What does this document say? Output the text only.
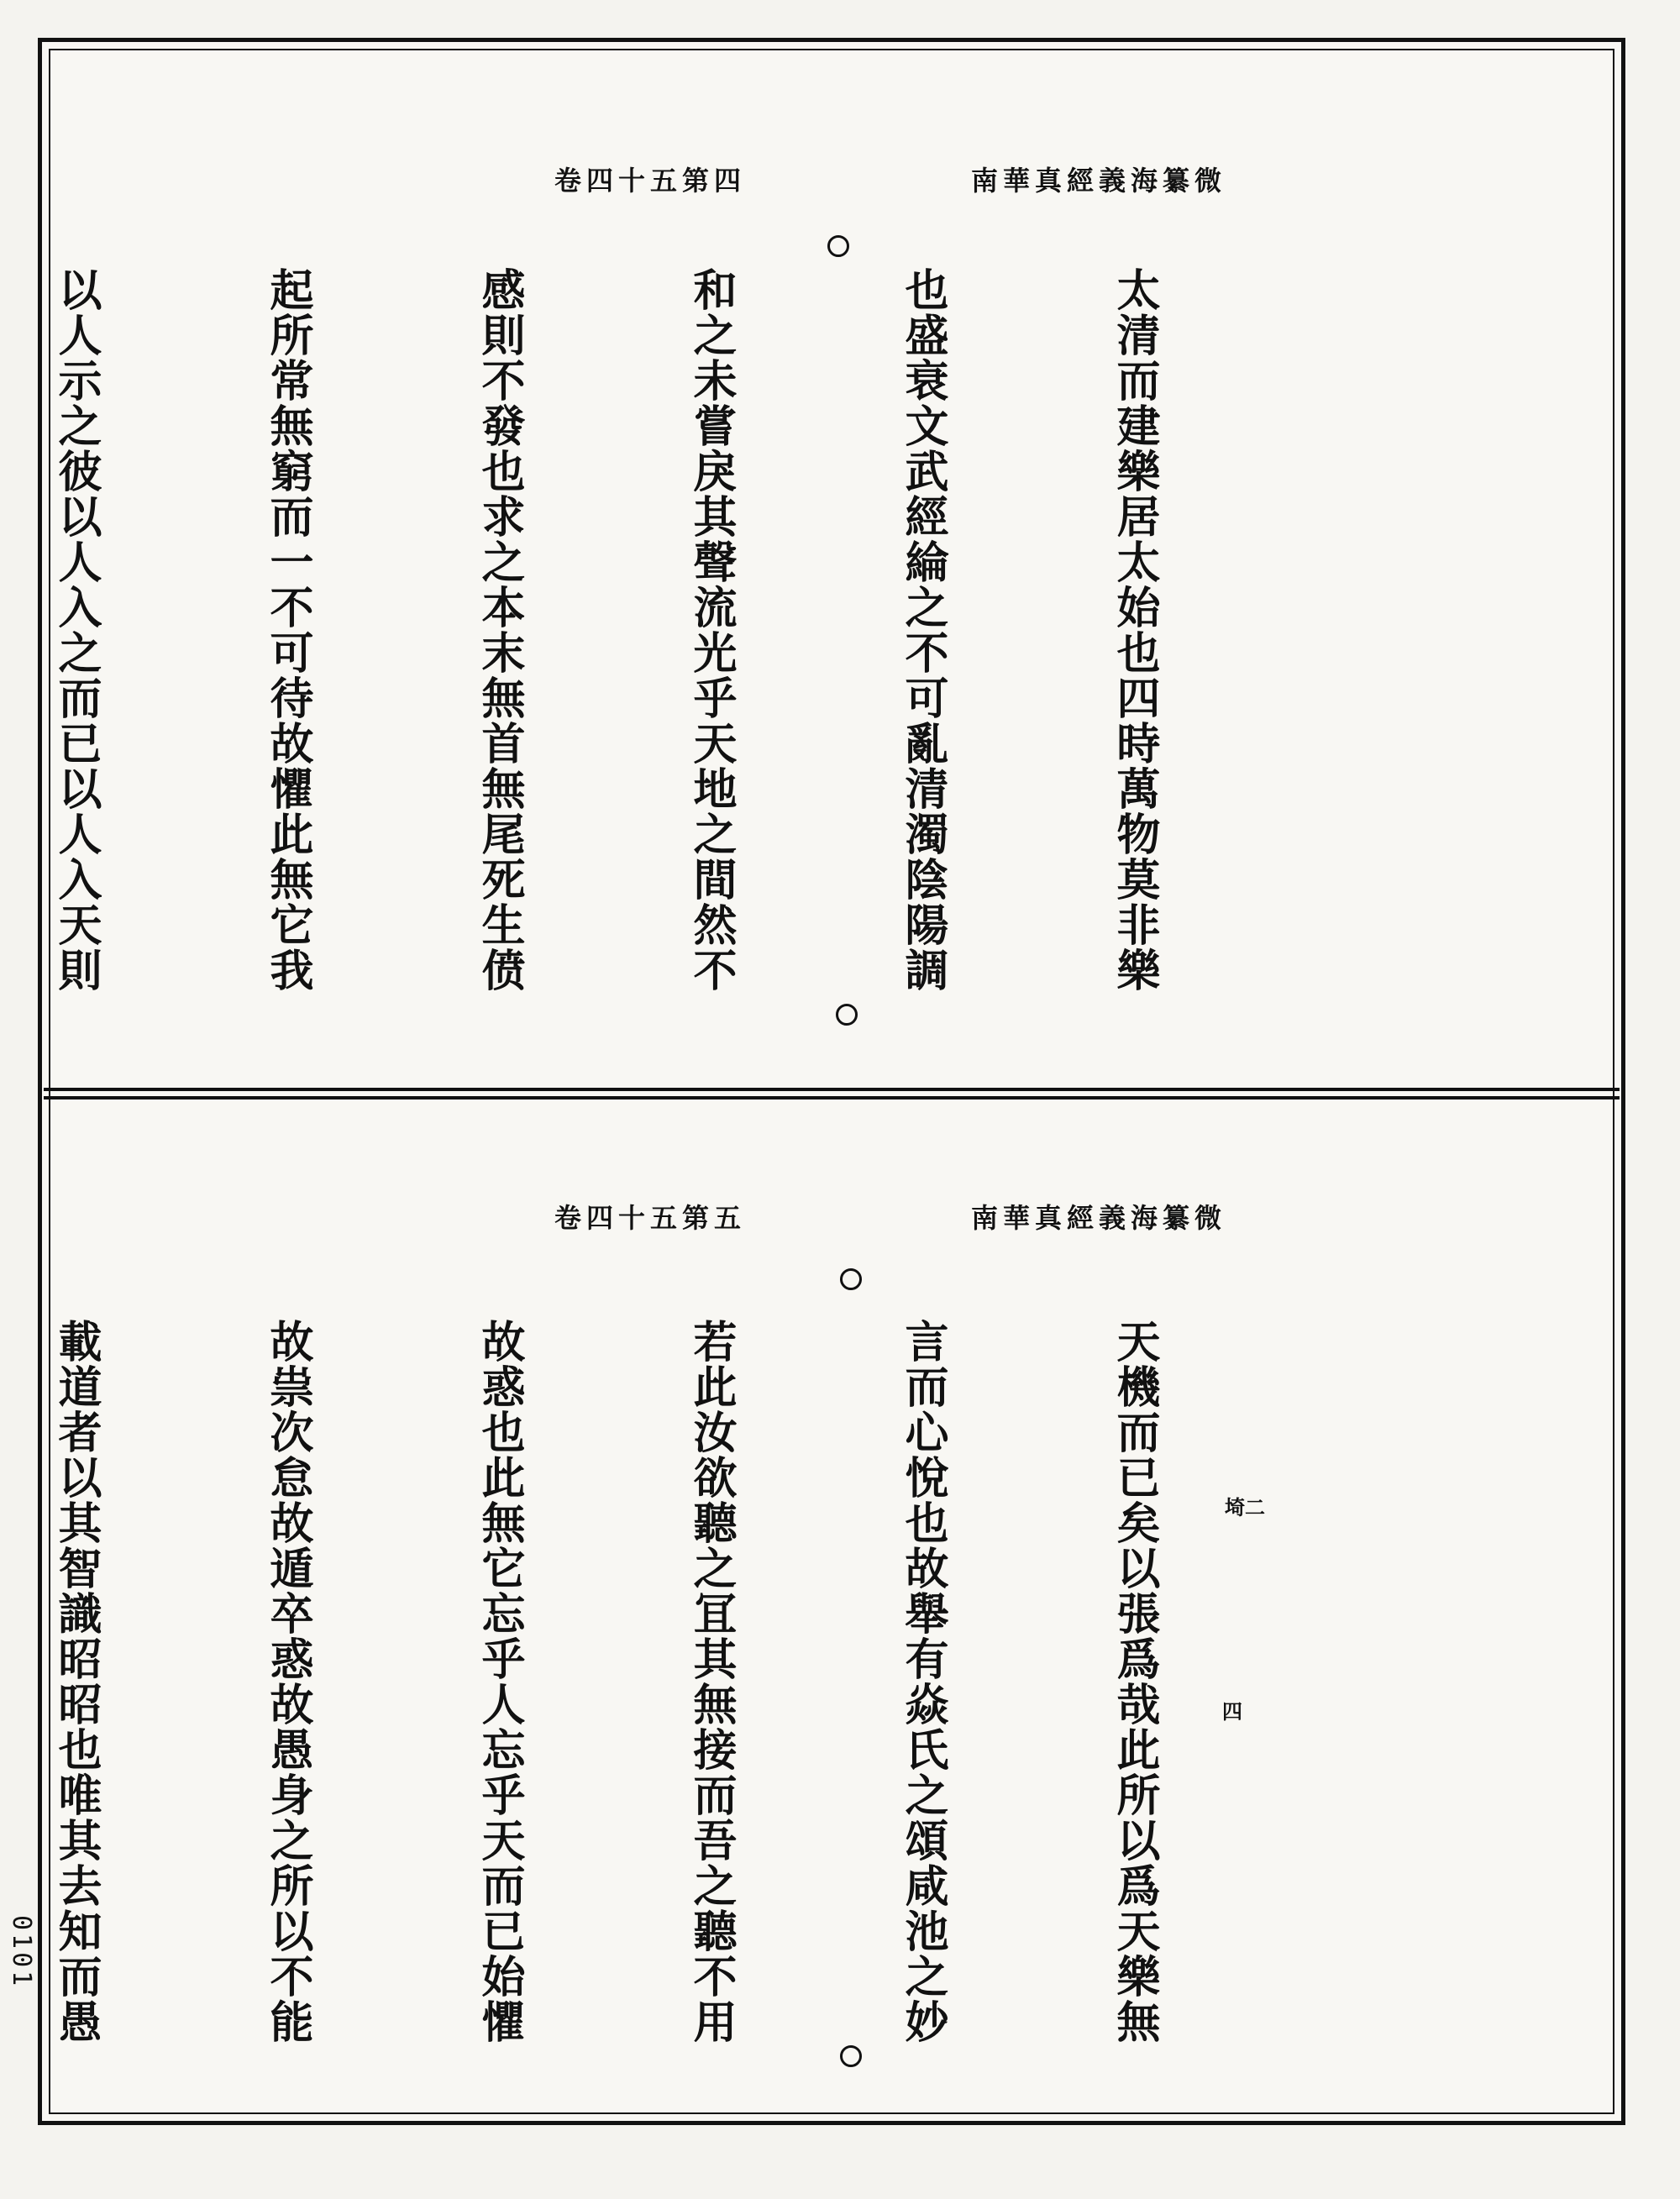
南華真經義海纂微
卷四十五第四

太清而建樂居太始也四時萬物莫非樂

也盛衰文武經綸之不可亂清濁陰陽調

和之未嘗戾其聲流光乎天地之間然不

感則不發也求之本末無首無尾死生偾

起所常無窮而一不可待故懼此無它我

以人示之彼以人入之而已以人入天則

南華真經義海纂微
卷四十五第五

天機而已矣以張爲哉此所以爲天樂無

言而心悅也故舉有焱氏之頌咸池之妙

若此汝欲聽之冝其無接而吾之聽不用

故惑也此無它忘乎人忘乎天而已始懼

故祟次怠故遁卒惑故愚身之所以不能

載道者以其智識昭昭也唯其去知而愚

	埼二
四
0101
